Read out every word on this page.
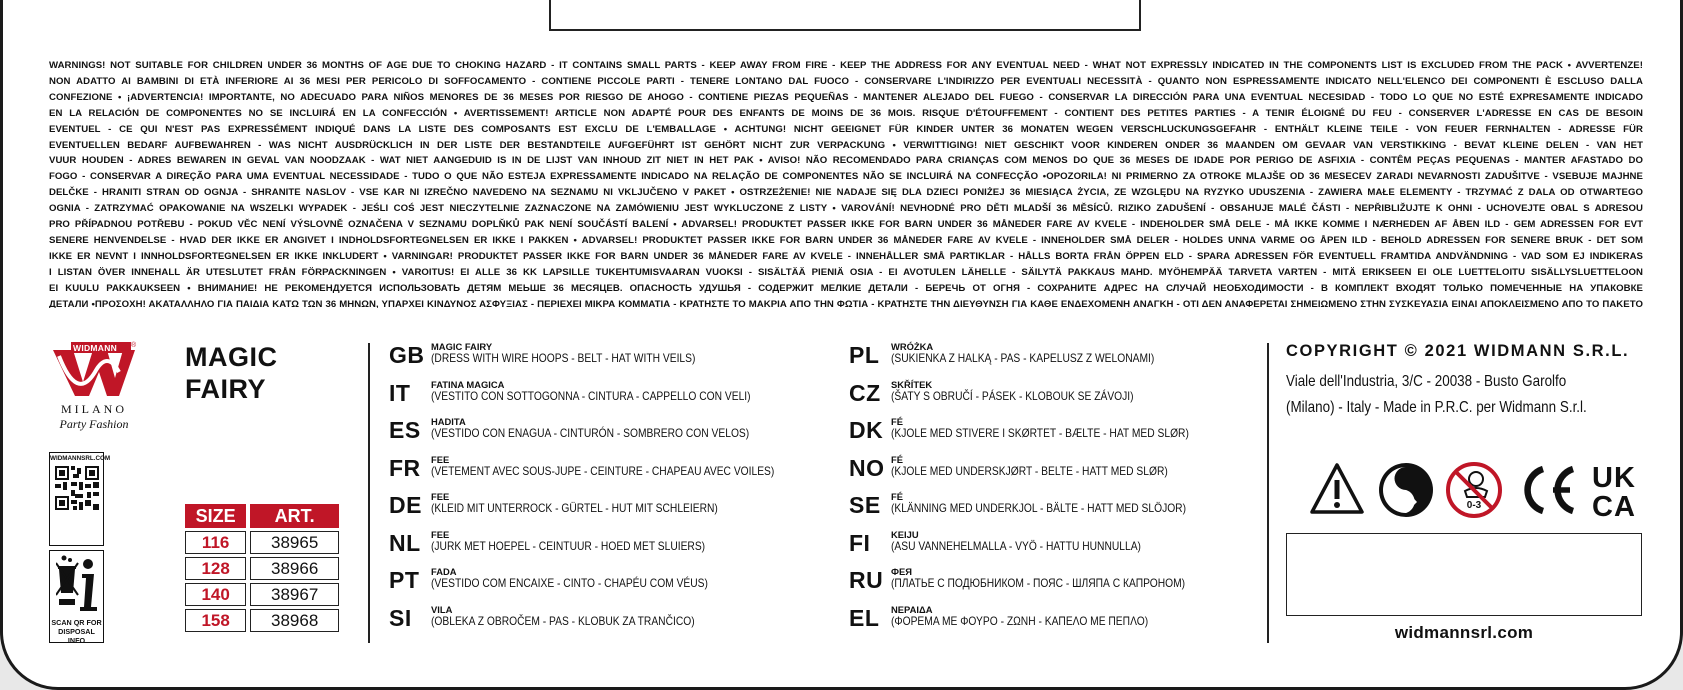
WARNINGS! NOT SUITABLE FOR CHILDREN UNDER 36 MONTHS OF AGE DUE TO CHOKING HAZARD - IT CONTAINS SMALL PARTS - KEEP AWAY FROM FIRE - KEEP THE ADDRESS FOR ANY EVENTUAL NEED - WHAT NOT EXPRESSLY INDICATED IN THE COMPONENTS LIST IS EXCLUDED FROM THE PACK • AVVERTENZE!
NON ADATTO AI BAMBINI DI ETÀ INFERIORE AI 36 MESI PER PERICOLO DI SOFFOCAMENTO - CONTIENE PICCOLE PARTI - TENERE LONTANO DAL FUOCO - CONSERVARE L'INDIRIZZO PER EVENTUALI NECESSITÀ - QUANTO NON ESPRESSAMENTE INDICATO NELL'ELENCO DEI COMPONENTI È ESCLUSO DALLA
CONFEZIONE • ¡ADVERTENCIA! IMPORTANTE, NO ADECUADO PARA NIÑOS MENORES DE 36 MESES POR RIESGO DE AHOGO - CONTIENE PIEZAS PEQUEÑAS - MANTENER ALEJADO DEL FUEGO - CONSERVAR LA DIRECCIÓN PARA UNA EVENTUAL NECESIDAD - TODO LO QUE NO ESTÉ EXPRESAMENTE INDICADO
EN LA RELACIÓN DE COMPONENTES NO SE INCLUIRÁ EN LA CONFECCIÓN • AVERTISSEMENT! ARTICLE NON ADAPTÉ POUR DES ENFANTS DE MOINS DE 36 MOIS. RISQUE D'ÉTOUFFEMENT - CONTIENT DES PETITES PARTIES - A TENIR ÉLOIGNÉ DU FEU - CONSERVER L'ADRESSE EN CAS DE BESOIN
EVENTUEL - CE QUI N'EST PAS EXPRESSÉMENT INDIQUÉ DANS LA LISTE DES COMPOSANTS EST EXCLU DE L'EMBALLAGE • ACHTUNG! NICHT GEEIGNET FÜR KINDER UNTER 36 MONATEN WEGEN VERSCHLUCKUNGSGEFAHR - ENTHÄLT KLEINE TEILE - VON FEUER FERNHALTEN - ADRESSE FÜR
EVENTUELLEN BEDARF AUFBEWAHREN - WAS NICHT AUSDRÜCKLICH IN DER LISTE DER BESTANDTEILE AUFGEFÜHRT IST GEHÖRT NICHT ZUR VERPACKUNG • VERWITTIGING! NIET GESCHIKT VOOR KINDEREN ONDER 36 MAANDEN OM GEVAAR VAN VERSTIKKING - BEVAT KLEINE DELEN - VAN HET
VUUR HOUDEN - ADRES BEWAREN IN GEVAL VAN NOODZAAK - WAT NIET AANGEDUID IS IN DE LIJST VAN INHOUD ZIT NIET IN HET PAK • AVISO! NÃO RECOMENDADO PARA CRIANÇAS COM MENOS DO QUE 36 MESES DE IDADE POR PERIGO DE ASFIXIA - CONTÊM PEÇAS PEQUENAS - MANTER AFASTADO DO
FOGO - CONSERVAR A DIREÇÃO PARA UMA EVENTUAL NECESSIDADE - TUDO O QUE NÃO ESTEJA EXPRESSAMENTE INDICADO NA RELAÇÃO DE COMPONENTES NÃO SE INCLUIRÁ NA CONFECÇÃO •OPOZORILA! NI PRIMERNO ZA OTROKE MLAJŠE OD 36 MESECEV ZARADI NEVARNOSTI ZADUŠITVE - VSEBUJE MAJHNE
DELČKE - HRANITI STRAN OD OGNJA - SHRANITE NASLOV - VSE KAR NI IZREČNO NAVEDENO NA SEZNAMU NI VKLJUČENO V PAKET • OSTRZEŻENIE! NIE NADAJE SIĘ DLA DZIECI PONIŻEJ 36 MIESIĄCA ŻYCIA, ZE WZGLĘDU NA RYZYKO UDUSZENIA - ZAWIERA MAŁE ELEMENTY - TRZYMAĆ Z DALA OD OTWARTEGO
OGNIA - ZATRZYMAĆ OPAKOWANIE NA WSZELKI WYPADEK - JEŚLI COŚ JEST NIECZYTELNIE ZAZNACZONE NA ZAMÓWIENIU JEST WYKLUCZONE Z LISTY • VAROVÁNÍ! NEVHODNÉ PRO DĚTI MLADŠÍ 36 MĚSÍCŮ. RIZIKO ZADUŠENÍ - OBSAHUJE MALÉ ČÁSTI - NEPŘIBLIŽUJTE K OHNI - UCHOVEJTE OBAL S ADRESOU
PRO PŘÍPADNOU POTŘEBU - POKUD VĚC NENÍ VÝSLOVNĚ OZNAČENA V SEZNAMU DOPLŇKŮ PAK NENÍ SOUČÁSTÍ BALENÍ • ADVARSEL! PRODUKTET PASSER IKKE FOR BARN UNDER 36 MÅNEDER FARE AV KVELE - INDEHOLDER SMÅ DELE - MÅ IKKE KOMME I NÆRHEDEN AF ÅBEN ILD - GEM ADRESSEN FOR EVT
SENERE HENVENDELSE - HVAD DER IKKE ER ANGIVET I INDHOLDSFORTEGNELSEN ER IKKE I PAKKEN • ADVARSEL! PRODUKTET PASSER IKKE FOR BARN UNDER 36 MÅNEDER FARE AV KVELE - INNEHOLDER SMÅ DELER - HOLDES UNNA VARME OG ÅPEN ILD - BEHOLD ADRESSEN FOR SENERE BRUK - DET SOM
IKKE ER NEVNT I INNHOLDSFORTEGNELSEN ER IKKE INKLUDERT • VARNINGAR! PRODUKTET PASSER IKKE FOR BARN UNDER 36 MÅNEDER FARE AV KVELE - INNEHÅLLER SMÅ PARTIKLAR - HÅLLS BORTA FRÅN ÖPPEN ELD - SPARA ADRESSEN FÖR EVENTUELL FRAMTIDA ANDVÄNDNING - VAD SOM EJ INDIKERAS
I LISTAN ÖVER INNEHALL ÄR UTESLUTET FRÅN FÖRPACKNINGEN • VAROITUS! EI ALLE 36 KK LAPSILLE TUKEHTUMISVAARAN VUOKSI - SISÄLTÄÄ PIENIÄ OSIA - EI AVOTULEN LÄHELLE - SÄILYTÄ PAKKAUS MAHD. MYÖHEMPÄÄ TARVETA VARTEN - MITÄ ERIKSEEN EI OLE LUETTELOITU SISÄLLYSLUETTELOON
EI KUULU PAKKAUKSEEN • ВНИМАНИЕ! НЕ РЕКОМЕНДУЕТСЯ ИСПОЛЬЗОВАТЬ ДЕТЯМ МЕЬШЕ 36 МЕСЯЦЕВ. ОПАСНОСТЬ УДУШЬЯ - СОДЕРЖИТ МЕЛКИЕ ДЕТАЛИ - БЕРЕЧЬ ОТ ОГНЯ - СОХРАНИТЕ АДРЕС НА СЛУЧАЙ НЕОБХОДИМОСТИ - В КОМПЛЕКТ ВХОДЯТ ТОЛЬКО ПОМЕЧЕННЫЕ НА УПАКОВКЕ
ДЕТАЛИ •ΠΡΟΣΟΧΗ! ΑΚΑΤΑΛΛΗΛΟ ΓΙΑ ΠΑΙΔΙΑ ΚΑΤΩ ΤΩΝ 36 ΜΗΝΩΝ, ΥΠΑΡΧΕΙ ΚΙΝΔΥΝΟΣ ΑΣΦΥΞΙΑΣ - ΠΕΡΙΕΧΕΙ ΜΙΚΡΑ ΚΟΜΜΑΤΙΑ - ΚΡΑΤΗΣΤΕ ΤΟ ΜΑΚΡΙΑ ΑΠΟ ΤΗΝ ΦΩΤΙΑ - ΚΡΑΤΗΣΤΕ ΤΗΝ ΔΙΕΥΘΥΝΣΗ ΓΙΑ ΚΑΘΕ ΕΝΔΕΧΟΜΕΝΗ ΑΝΑΓΚΗ - ΟΤΙ ΔΕΝ ΑΝΑΦΕΡΕΤΑΙ ΣΗΜΕΙΩΜΕΝΟ ΣΤΗΝ ΣΥΣΚΕΥΑΣΙΑ ΕΙΝΑΙ ΑΠΟΚΛΕΙΣΜΕΝΟ ΑΠΟ ΤΟ ΠΑΚΕΤΟ
WIDMANN ®
MILANO
Party Fashion
WIDMANNSRL.COM
SCAN QR FOR
DISPOSAL INFO
MAGIC
FAIRY
SIZE	ART.
116	38965
128	38966
140	38967
158	38968
GB MAGIC FAIRY
(DRESS WITH WIRE HOOPS - BELT - HAT WITH VEILS)
IT FATINA MAGICA
(VESTITO CON SOTTOGONNA - CINTURA - CAPPELLO CON VELI)
ES HADITA
(VESTIDO CON ENAGUA - CINTURÓN - SOMBRERO CON VELOS)
FR FEE
(VETEMENT AVEC SOUS-JUPE - CEINTURE - CHAPEAU AVEC VOILES)
DE FEE
(KLEID MIT UNTERROCK - GÜRTEL - HUT MIT SCHLEIERN)
NL FEE
(JURK MET HOEPEL - CEINTUUR - HOED MET SLUIERS)
PT FADA
(VESTIDO COM ENCAIXE - CINTO - CHAPÉU COM VÉUS)
SI VILA
(OBLEKA Z OBROČEM - PAS - KLOBUK ZA TRANČICO)
PL WRÓŻKA
(SUKIENKA Z HALKĄ - PAS - KAPELUSZ Z WELONAMI)
CZ SKŘÍTEK
(ŠATY S OBRUČÍ - PÁSEK - KLOBOUK SE ZÁVOJI)
DK FÉ
(KJOLE MED STIVERE I SKØRTET - BÆLTE - HAT MED SLØR)
NO FÉ
(KJOLE MED UNDERSKJØRT - BELTE - HATT MED SLØR)
SE FÉ
(KLÄNNING MED UNDERKJOL - BÄLTE - HATT MED SLÖJOR)
FI KEIJU
(ASU VANNEHELMALLA - VYÖ - HATTU HUNNULLA)
RU ФЕЯ
(ПЛАТЬЕ С ПОДЮБНИКОМ - ПОЯС - ШЛЯПА С КАПРОНОМ)
EL ΝΕΡΑΙΔΑ
(ΦΟΡΕΜΑ ΜΕ ΦΟΥΡΟ - ΖΩΝΗ - ΚΑΠΕΛΟ ΜΕ ΠΕΠΛΟ)
COPYRIGHT © 2021 WIDMANN S.R.L.
Viale dell'Industria, 3/C - 20038 - Busto Garolfo
(Milano) - Italy - Made in P.R.C. per Widmann S.r.l.
0-3
UK
CA
widmannsrl.com
